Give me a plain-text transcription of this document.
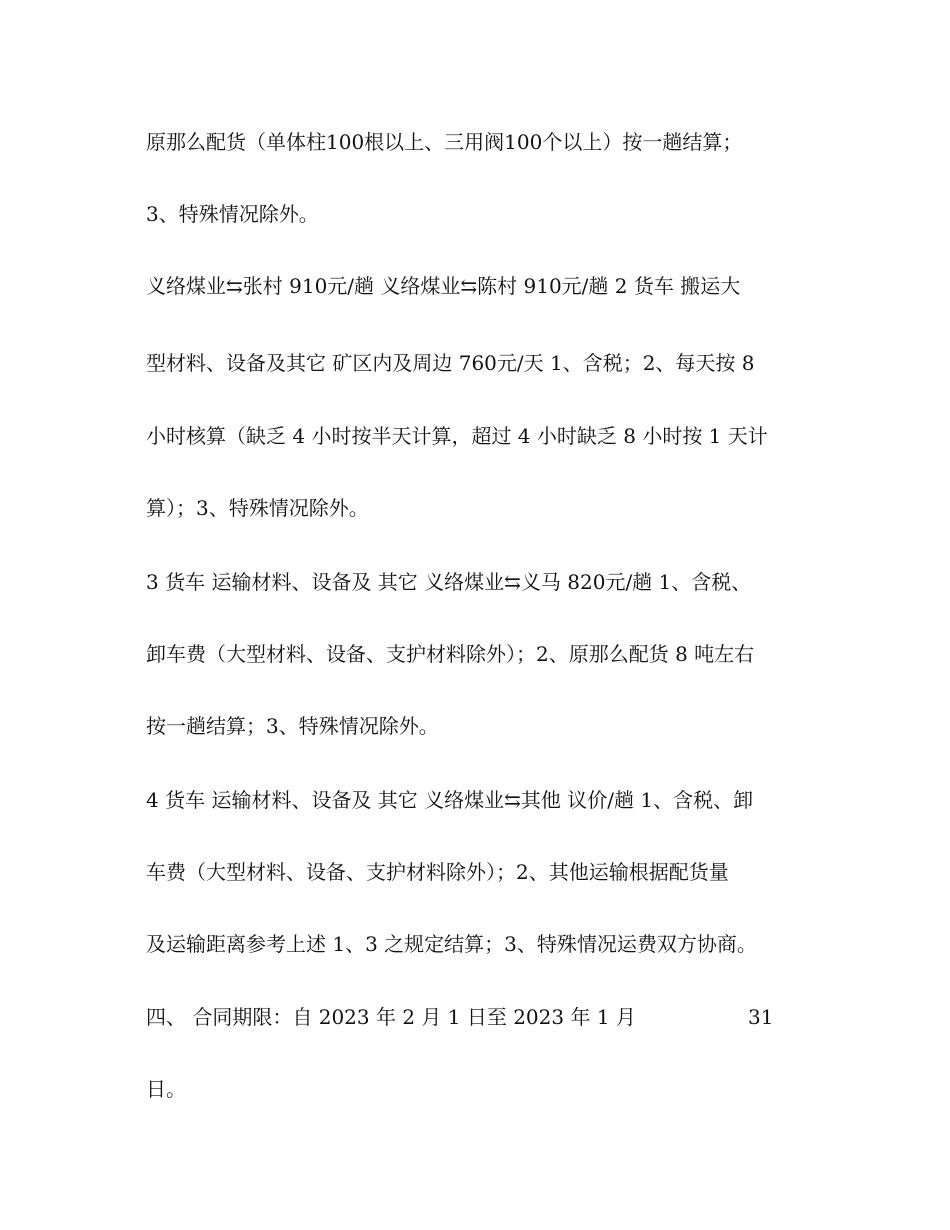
原那么配货（单体柱100根以上、三用阀100个以上）按一趟结算；
3、特殊情况除外。
义络煤业⇆张村 910元/趟 义络煤业⇆陈村 910元/趟 2 货车 搬运大
型材料、设备及其它 矿区内及周边 760元/天 1、含税；2、每天按 8
小时核算（缺乏 4 小时按半天计算，超过 4 小时缺乏 8 小时按 1 天计
算）；3、特殊情况除外。
3 货车 运输材料、设备及 其它 义络煤业⇆义马 820元/趟 1、含税、
卸车费（大型材料、设备、支护材料除外）；2、原那么配货 8 吨左右
按一趟结算；3、特殊情况除外。
4 货车 运输材料、设备及 其它 义络煤业⇆其他 议价/趟 1、含税、卸
车费（大型材料、设备、支护材料除外）；2、其他运输根据配货量
及运输距离参考上述 1、3 之规定结算；3、特殊情况运费双方协商。
四、 合同期限：自 2023 年 2 月 1 日至 2023 年 1 月	31
日。
